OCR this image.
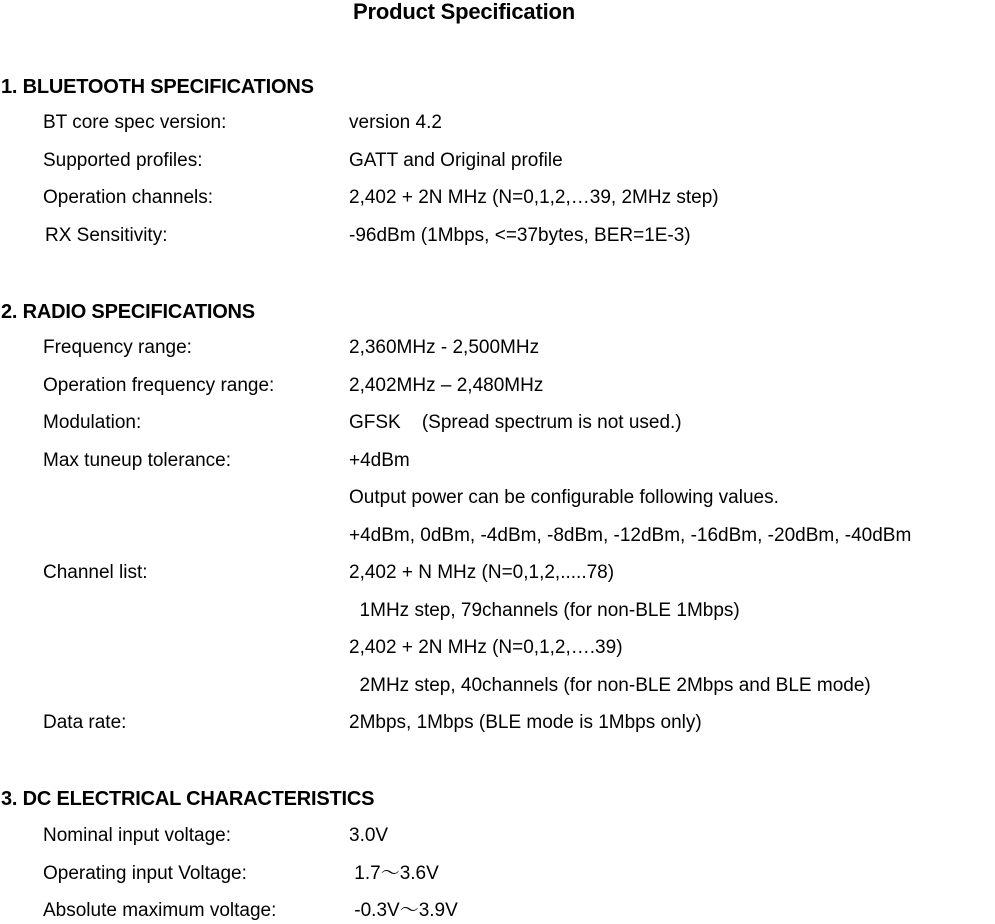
Product Specification
1. BLUETOOTH SPECIFICATIONS
BT core spec version:	version 4.2
Supported profiles:	GATT and Original profile
Operation channels:	2,402 + 2N MHz (N=0,1,2,…39, 2MHz step)
RX Sensitivity:	-96dBm (1Mbps, <=37bytes, BER=1E-3)
2. RADIO SPECIFICATIONS
Frequency range:	2,360MHz - 2,500MHz
Operation frequency range:	2,402MHz – 2,480MHz
Modulation:	GFSK    (Spread spectrum is not used.)
Max tuneup tolerance:	+4dBm
Output power can be configurable following values.
+4dBm, 0dBm, -4dBm, -8dBm, -12dBm, -16dBm, -20dBm, -40dBm
Channel list:	2,402 + N MHz (N=0,1,2,.....78)
1MHz step, 79channels (for non-BLE 1Mbps)
2,402 + 2N MHz (N=0,1,2,….39)
2MHz step, 40channels (for non-BLE 2Mbps and BLE mode)
Data rate:	2Mbps, 1Mbps (BLE mode is 1Mbps only)
3. DC ELECTRICAL CHARACTERISTICS
Nominal input voltage:	3.0V
Operating input Voltage:	1.7～3.6V
Absolute maximum voltage:	-0.3V～3.9V
